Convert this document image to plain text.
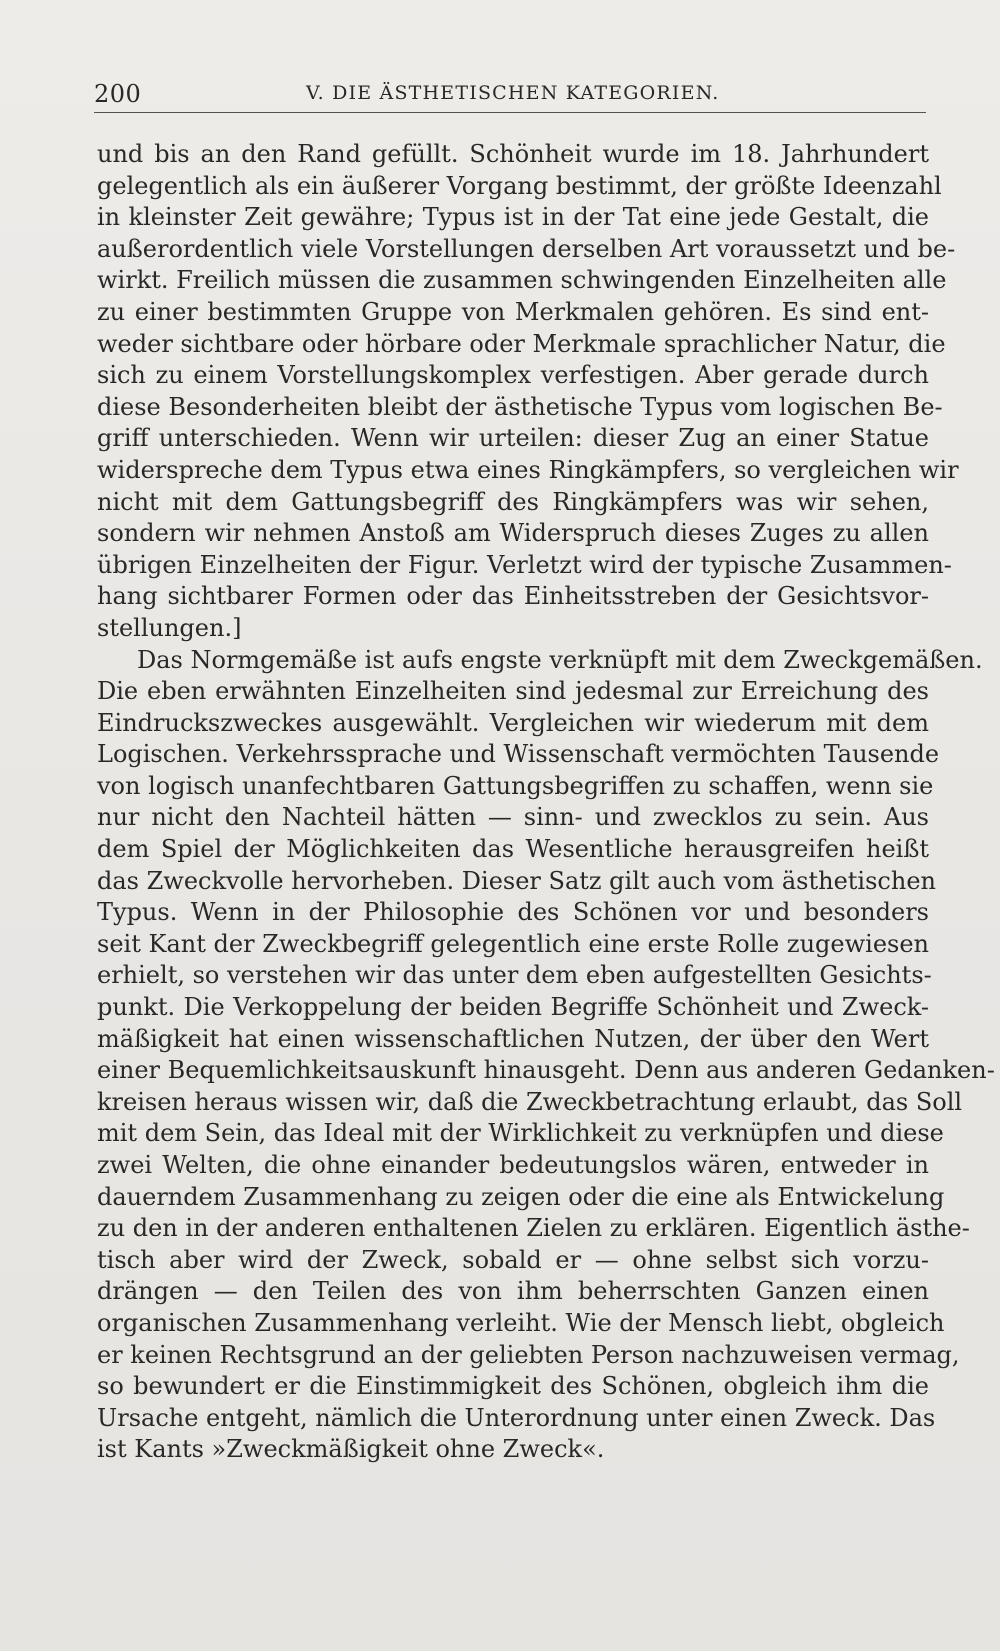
200	V. DIE ÄSTHETISCHEN KATEGORIEN.
und bis an den Rand gefüllt. Schönheit wurde im 18. Jahrhundert
gelegentlich als ein äußerer Vorgang bestimmt, der größte Ideenzahl
in kleinster Zeit gewähre; Typus ist in der Tat eine jede Gestalt, die
außerordentlich viele Vorstellungen derselben Art voraussetzt und be-
wirkt. Freilich müssen die zusammen schwingenden Einzelheiten alle
zu einer bestimmten Gruppe von Merkmalen gehören. Es sind ent-
weder sichtbare oder hörbare oder Merkmale sprachlicher Natur, die
sich zu einem Vorstellungskomplex verfestigen. Aber gerade durch
diese Besonderheiten bleibt der ästhetische Typus vom logischen Be-
griff unterschieden. Wenn wir urteilen: dieser Zug an einer Statue
widerspreche dem Typus etwa eines Ringkämpfers, so vergleichen wir
nicht mit dem Gattungsbegriff des Ringkämpfers was wir sehen,
sondern wir nehmen Anstoß am Widerspruch dieses Zuges zu allen
übrigen Einzelheiten der Figur. Verletzt wird der typische Zusammen-
hang sichtbarer Formen oder das Einheitsstreben der Gesichtsvor-
stellungen.]
Das Normgemäße ist aufs engste verknüpft mit dem Zweckgemäßen.
Die eben erwähnten Einzelheiten sind jedesmal zur Erreichung des
Eindruckszweckes ausgewählt. Vergleichen wir wiederum mit dem
Logischen. Verkehrssprache und Wissenschaft vermöchten Tausende
von logisch unanfechtbaren Gattungsbegriffen zu schaffen, wenn sie
nur nicht den Nachteil hätten — sinn- und zwecklos zu sein. Aus
dem Spiel der Möglichkeiten das Wesentliche herausgreifen heißt
das Zweckvolle hervorheben. Dieser Satz gilt auch vom ästhetischen
Typus. Wenn in der Philosophie des Schönen vor und besonders
seit Kant der Zweckbegriff gelegentlich eine erste Rolle zugewiesen
erhielt, so verstehen wir das unter dem eben aufgestellten Gesichts-
punkt. Die Verkoppelung der beiden Begriffe Schönheit und Zweck-
mäßigkeit hat einen wissenschaftlichen Nutzen, der über den Wert
einer Bequemlichkeitsauskunft hinausgeht. Denn aus anderen Gedanken-
kreisen heraus wissen wir, daß die Zweckbetrachtung erlaubt, das Soll
mit dem Sein, das Ideal mit der Wirklichkeit zu verknüpfen und diese
zwei Welten, die ohne einander bedeutungslos wären, entweder in
dauerndem Zusammenhang zu zeigen oder die eine als Entwickelung
zu den in der anderen enthaltenen Zielen zu erklären. Eigentlich ästhe-
tisch aber wird der Zweck, sobald er — ohne selbst sich vorzu-
drängen — den Teilen des von ihm beherrschten Ganzen einen
organischen Zusammenhang verleiht. Wie der Mensch liebt, obgleich
er keinen Rechtsgrund an der geliebten Person nachzuweisen vermag,
so bewundert er die Einstimmigkeit des Schönen, obgleich ihm die
Ursache entgeht, nämlich die Unterordnung unter einen Zweck. Das
ist Kants »Zweckmäßigkeit ohne Zweck«.
